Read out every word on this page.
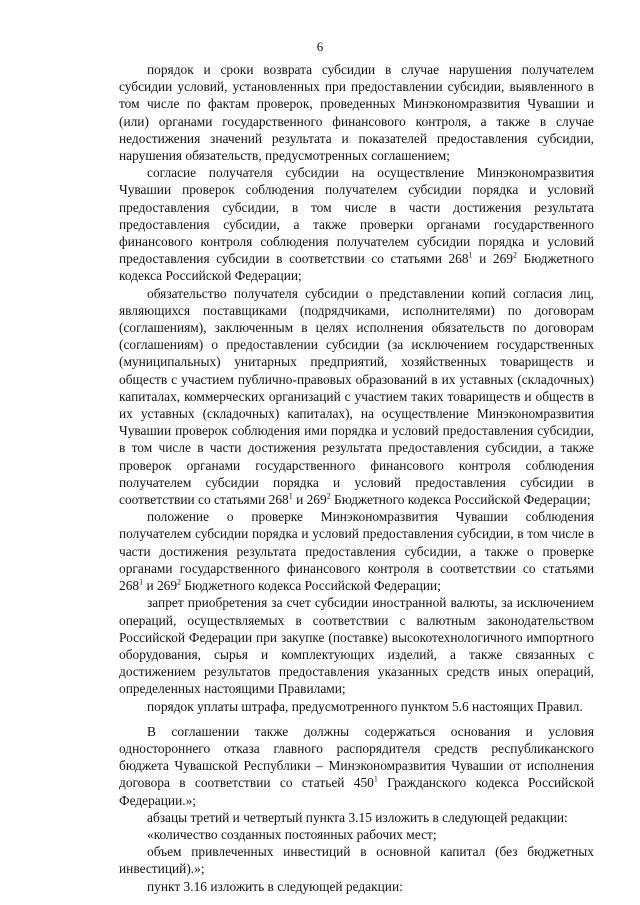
6

порядок и сроки возврата субсидии в случае нарушения получателем субсидии условий, установленных при предоставлении субсидии, выявленного в том числе по фактам проверок, проведенных Минэкономразвития Чувашии и (или) органами государственного финансового контроля, а также в случае недостижения значений результата и показателей предоставления субсидии, нарушения обязательств, предусмотренных соглашением;

согласие получателя субсидии на осуществление Минэкономразвития Чувашии проверок соблюдения получателем субсидии порядка и условий предоставления субсидии, в том числе в части достижения результата предоставления субсидии, а также проверки органами государственного финансового контроля соблюдения получателем субсидии порядка и условий предоставления субсидии в соответствии со статьями $268^1$ и $269^2$ Бюджетного кодекса Российской Федерации;

обязательство получателя субсидии о представлении копий согласия лиц, являющихся поставщиками (подрядчиками, исполнителями) по договорам (соглашениям), заключенным в целях исполнения обязательств по договорам (соглашениям) о предоставлении субсидии (за исключением государственных (муниципальных) унитарных предприятий, хозяйственных товариществ и обществ с участием публично-правовых образований в их уставных (складочных) капиталах, коммерческих организаций с участием таких товариществ и обществ в их уставных (складочных) капиталах), на осуществление Минэкономразвития Чувашии проверок соблюдения ими порядка и условий предоставления субсидии, в том числе в части достижения результата предоставления субсидии, а также проверок органами государственного финансового контроля соблюдения получателем субсидии порядка и условий предоставления субсидии в соответствии со статьями $268^1$ и $269^2$ Бюджетного кодекса Российской Федерации;

положение о проверке Минэкономразвития Чувашии соблюдения получателем субсидии порядка и условий предоставления субсидии, в том числе в части достижения результата предоставления субсидии, а также о проверке органами государственного финансового контроля в соответствии со статьями $268^1$ и $269^2$ Бюджетного кодекса Российской Федерации;

запрет приобретения за счет субсидии иностранной валюты, за исключением операций, осуществляемых в соответствии с валютным законодательством Российской Федерации при закупке (поставке) высокотехнологичного импортного оборудования, сырья и комплектующих изделий, а также связанных с достижением результатов предоставления указанных средств иных операций, определенных настоящими Правилами;

порядок уплаты штрафа, предусмотренного пунктом 5.6 настоящих Правил.

В соглашении также должны содержаться основания и условия одностороннего отказа главного распорядителя средств республиканского бюджета Чувашской Республики – Минэкономразвития Чувашии от исполнения договора в соответствии со статьей $450^1$ Гражданского кодекса Российской Федерации.»;

абзацы третий и четвертый пункта 3.15 изложить в следующей редакции:

«количество созданных постоянных рабочих мест;

объем привлеченных инвестиций в основной капитал (без бюджетных инвестиций).»;

пункт 3.16 изложить в следующей редакции:
